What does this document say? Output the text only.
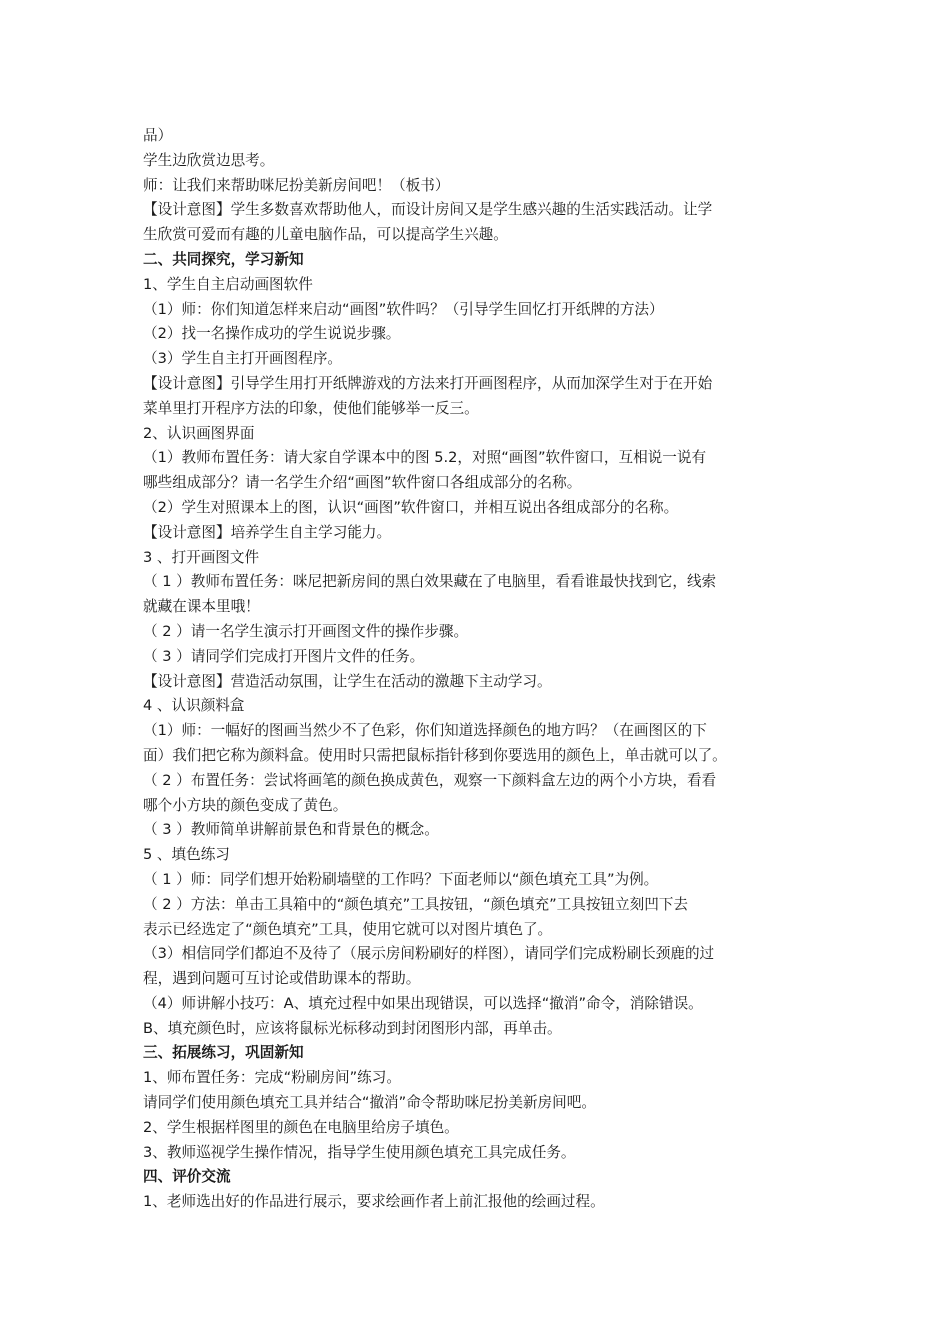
品）
学生边欣赏边思考。
师：让我们来帮助咪尼扮美新房间吧！（板书）
【设计意图】学生多数喜欢帮助他人，而设计房间又是学生感兴趣的生活实践活动。让学
生欣赏可爱而有趣的儿童电脑作品，可以提高学生兴趣。
二、共同探究，学习新知
1、学生自主启动画图软件
（1）师：你们知道怎样来启动“画图”软件吗？（引导学生回忆打开纸牌的方法）
（2）找一名操作成功的学生说说步骤。
（3）学生自主打开画图程序。
【设计意图】引导学生用打开纸牌游戏的方法来打开画图程序，从而加深学生对于在开始
菜单里打开程序方法的印象，使他们能够举一反三。
2、认识画图界面
（1）教师布置任务：请大家自学课本中的图 5.2，对照“画图”软件窗口，互相说一说有
哪些组成部分？请一名学生介绍“画图”软件窗口各组成部分的名称。
（2）学生对照课本上的图，认识“画图”软件窗口，并相互说出各组成部分的名称。
【设计意图】培养学生自主学习能力。
3 、打开画图文件
（ 1 ）教师布置任务：咪尼把新房间的黑白效果藏在了电脑里，看看谁最快找到它，线索
就藏在课本里哦！
（ 2 ）请一名学生演示打开画图文件的操作步骤。
（ 3 ）请同学们完成打开图片文件的任务。
【设计意图】营造活动氛围，让学生在活动的激趣下主动学习。
4 、认识颜料盒
（1）师：一幅好的图画当然少不了色彩，你们知道选择颜色的地方吗？（在画图区的下
面）我们把它称为颜料盒。使用时只需把鼠标指针移到你要选用的颜色上，单击就可以了。
（ 2 ）布置任务：尝试将画笔的颜色换成黄色，观察一下颜料盒左边的两个小方块，看看
哪个小方块的颜色变成了黄色。
（ 3 ）教师简单讲解前景色和背景色的概念。
5 、填色练习
（ 1 ）师：同学们想开始粉刷墙壁的工作吗？下面老师以“颜色填充工具”为例。
（ 2 ）方法：单击工具箱中的“颜色填充”工具按钮，“颜色填充”工具按钮立刻凹下去
表示已经选定了“颜色填充”工具，使用它就可以对图片填色了。
（3）相信同学们都迫不及待了（展示房间粉刷好的样图），请同学们完成粉刷长颈鹿的过
程，遇到问题可互讨论或借助课本的帮助。
（4）师讲解小技巧：A、填充过程中如果出现错误，可以选择“撤消”命令，消除错误。
B、填充颜色时，应该将鼠标光标移动到封闭图形内部，再单击。
三、拓展练习，巩固新知
1、师布置任务：完成“粉刷房间”练习。
请同学们使用颜色填充工具并结合“撤消”命令帮助咪尼扮美新房间吧。
2、学生根据样图里的颜色在电脑里给房子填色。
3、教师巡视学生操作情况，指导学生使用颜色填充工具完成任务。
四、评价交流
1、老师选出好的作品进行展示，要求绘画作者上前汇报他的绘画过程。
